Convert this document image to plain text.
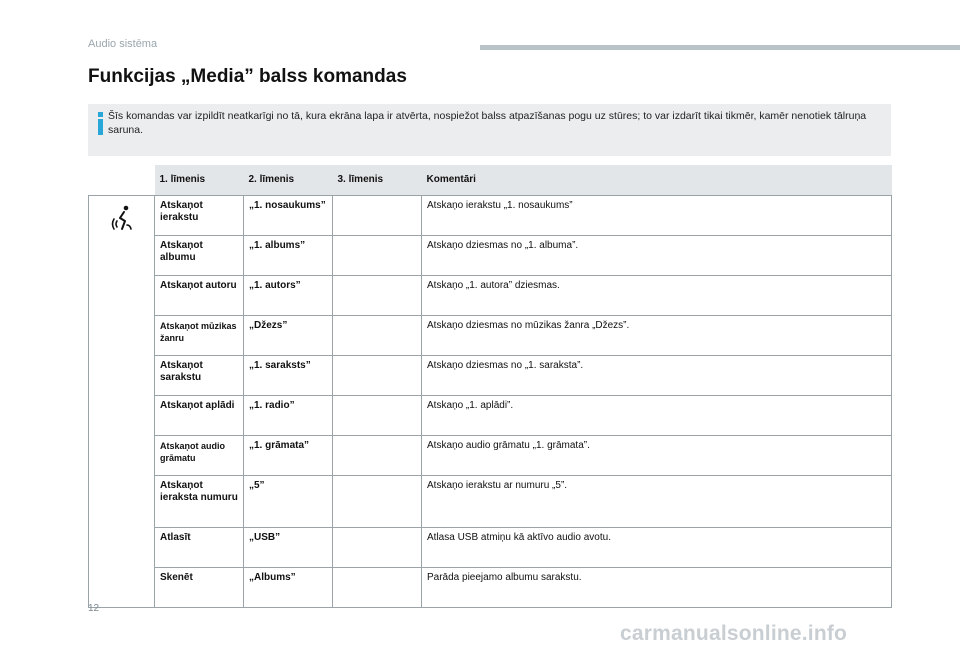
Audio sistēma
Funkcijas „Media” balss komandas
Šīs komandas var izpildīt neatkarīgi no tā, kura ekrāna lapa ir atvērta, nospiežot balss atpazīšanas pogu uz stūres; to var izdarīt tikai tikmēr, kamēr nenotiek tālruņa saruna.
	1. līmenis	2. līmenis	3. līmenis	Komentāri

	Atskaņot ierakstu	„1. nosaukums”		Atskaņo ierakstu „1. nosaukums”
	Atskaņot albumu	„1. albums”		Atskaņo dziesmas no „1. albuma”.
	Atskaņot autoru	„1. autors”		Atskaņo „1. autora” dziesmas.
	Atskaņot mūzikas žanru	„Džezs”		Atskaņo dziesmas no mūzikas žanra „Džezs”.
	Atskaņot sarakstu	„1. saraksts”		Atskaņo dziesmas no „1. saraksta”.
	Atskaņot aplādi	„1. radio”		Atskaņo „1. aplādi”.
	Atskaņot audio grāmatu	„1. grāmata”		Atskaņo audio grāmatu „1. grāmata”.
	Atskaņot ieraksta numuru	„5”		Atskaņo ierakstu ar numuru „5”.
	Atlasīt	„USB”		Atlasa USB atmiņu kā aktīvo audio avotu.
	Skenēt	„Albums”		Parāda pieejamo albumu sarakstu.
12
carmanualsonline.info
